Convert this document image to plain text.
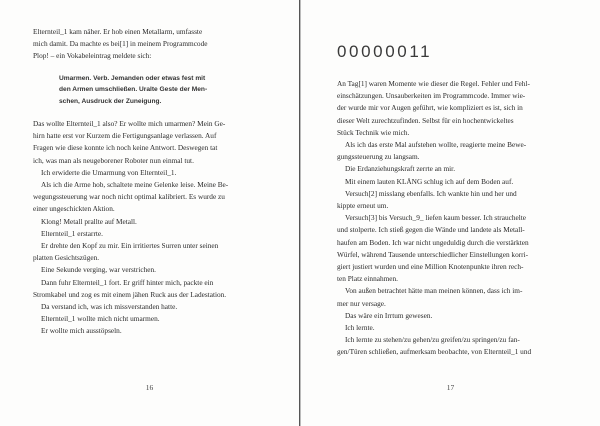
Elternteil_1 kam näher. Er hob einen Metallarm, umfasste

mich damit. Da machte es bei[1] in meinem Programmcode

Plop! – ein Vokabeleintrag meldete sich:

Umarmen. Verb. Jemanden oder etwas fest mit
den Armen umschließen. Uralte Geste der Men-
schen, Ausdruck der Zuneigung.

Das wollte Elternteil_1 also? Er wollte mich umarmen? Mein Ge-

hirn hatte erst vor Kurzem die Fertigungsanlage verlassen. Auf

Fragen wie diese konnte ich noch keine Antwort. Deswegen tat

ich, was man als neugeborener Roboter nun einmal tut.

Ich erwiderte die Umarmung von Elternteil_1.

Als ich die Arme hob, schaltete meine Gelenke leise. Meine Be-

wegungssteuerung war noch nicht optimal kalibriert. Es wurde zu

einer ungeschickten Aktion.

Klong! Metall prallte auf Metall.

Elternteil_1 erstarrte.

Er drehte den Kopf zu mir. Ein irritiertes Surren unter seinen

platten Gesichtszügen.

Eine Sekunde verging, war verstrichen.

Dann fuhr Elternteil_1 fort. Er griff hinter mich, packte ein

Stromkabel und zog es mit einem jähen Ruck aus der Ladestation.

Da verstand ich, was ich missverstanden hatte.

Elternteil_1 wollte mich nicht umarmen.

Er wollte mich ausstöpseln.

16
00000011

An Tag[1] waren Momente wie dieser die Regel. Fehler und Fehl-

einschätzungen. Unsauberkeiten im Programmcode. Immer wie-

der wurde mir vor Augen geführt, wie kompliziert es ist, sich in

dieser Welt zurechtzufinden. Selbst für ein hochentwickeltes

Stück Technik wie mich.

Als ich das erste Mal aufstehen wollte, reagierte meine Bewe-

gungssteuerung zu langsam.

Die Erdanziehungskraft zerrte an mir.

Mit einem lauten KLÄNG schlug ich auf dem Boden auf.

Versuch[2] misslang ebenfalls. Ich wankte hin und her und

kippte erneut um.

Versuch[3] bis Versuch_9_ liefen kaum besser. Ich strauchelte

und stolperte. Ich stieß gegen die Wände und landete als Metall-

haufen am Boden. Ich war nicht ungeduldig durch die verstärkten

Würfel, während Tausende unterschiedlicher Einstellungen korri-

giert justiert wurden und eine Million Knotenpunkte ihren rech-

ten Platz einnahmen.

Von außen betrachtet hätte man meinen können, dass ich im-

mer nur versage.

Das wäre ein Irrtum gewesen.

Ich lernte.

Ich lernte zu stehen/zu gehen/zu greifen/zu springen/zu fan-

gen/Türen schließen, aufmerksam beobachte, von Elternteil_1 und

17
